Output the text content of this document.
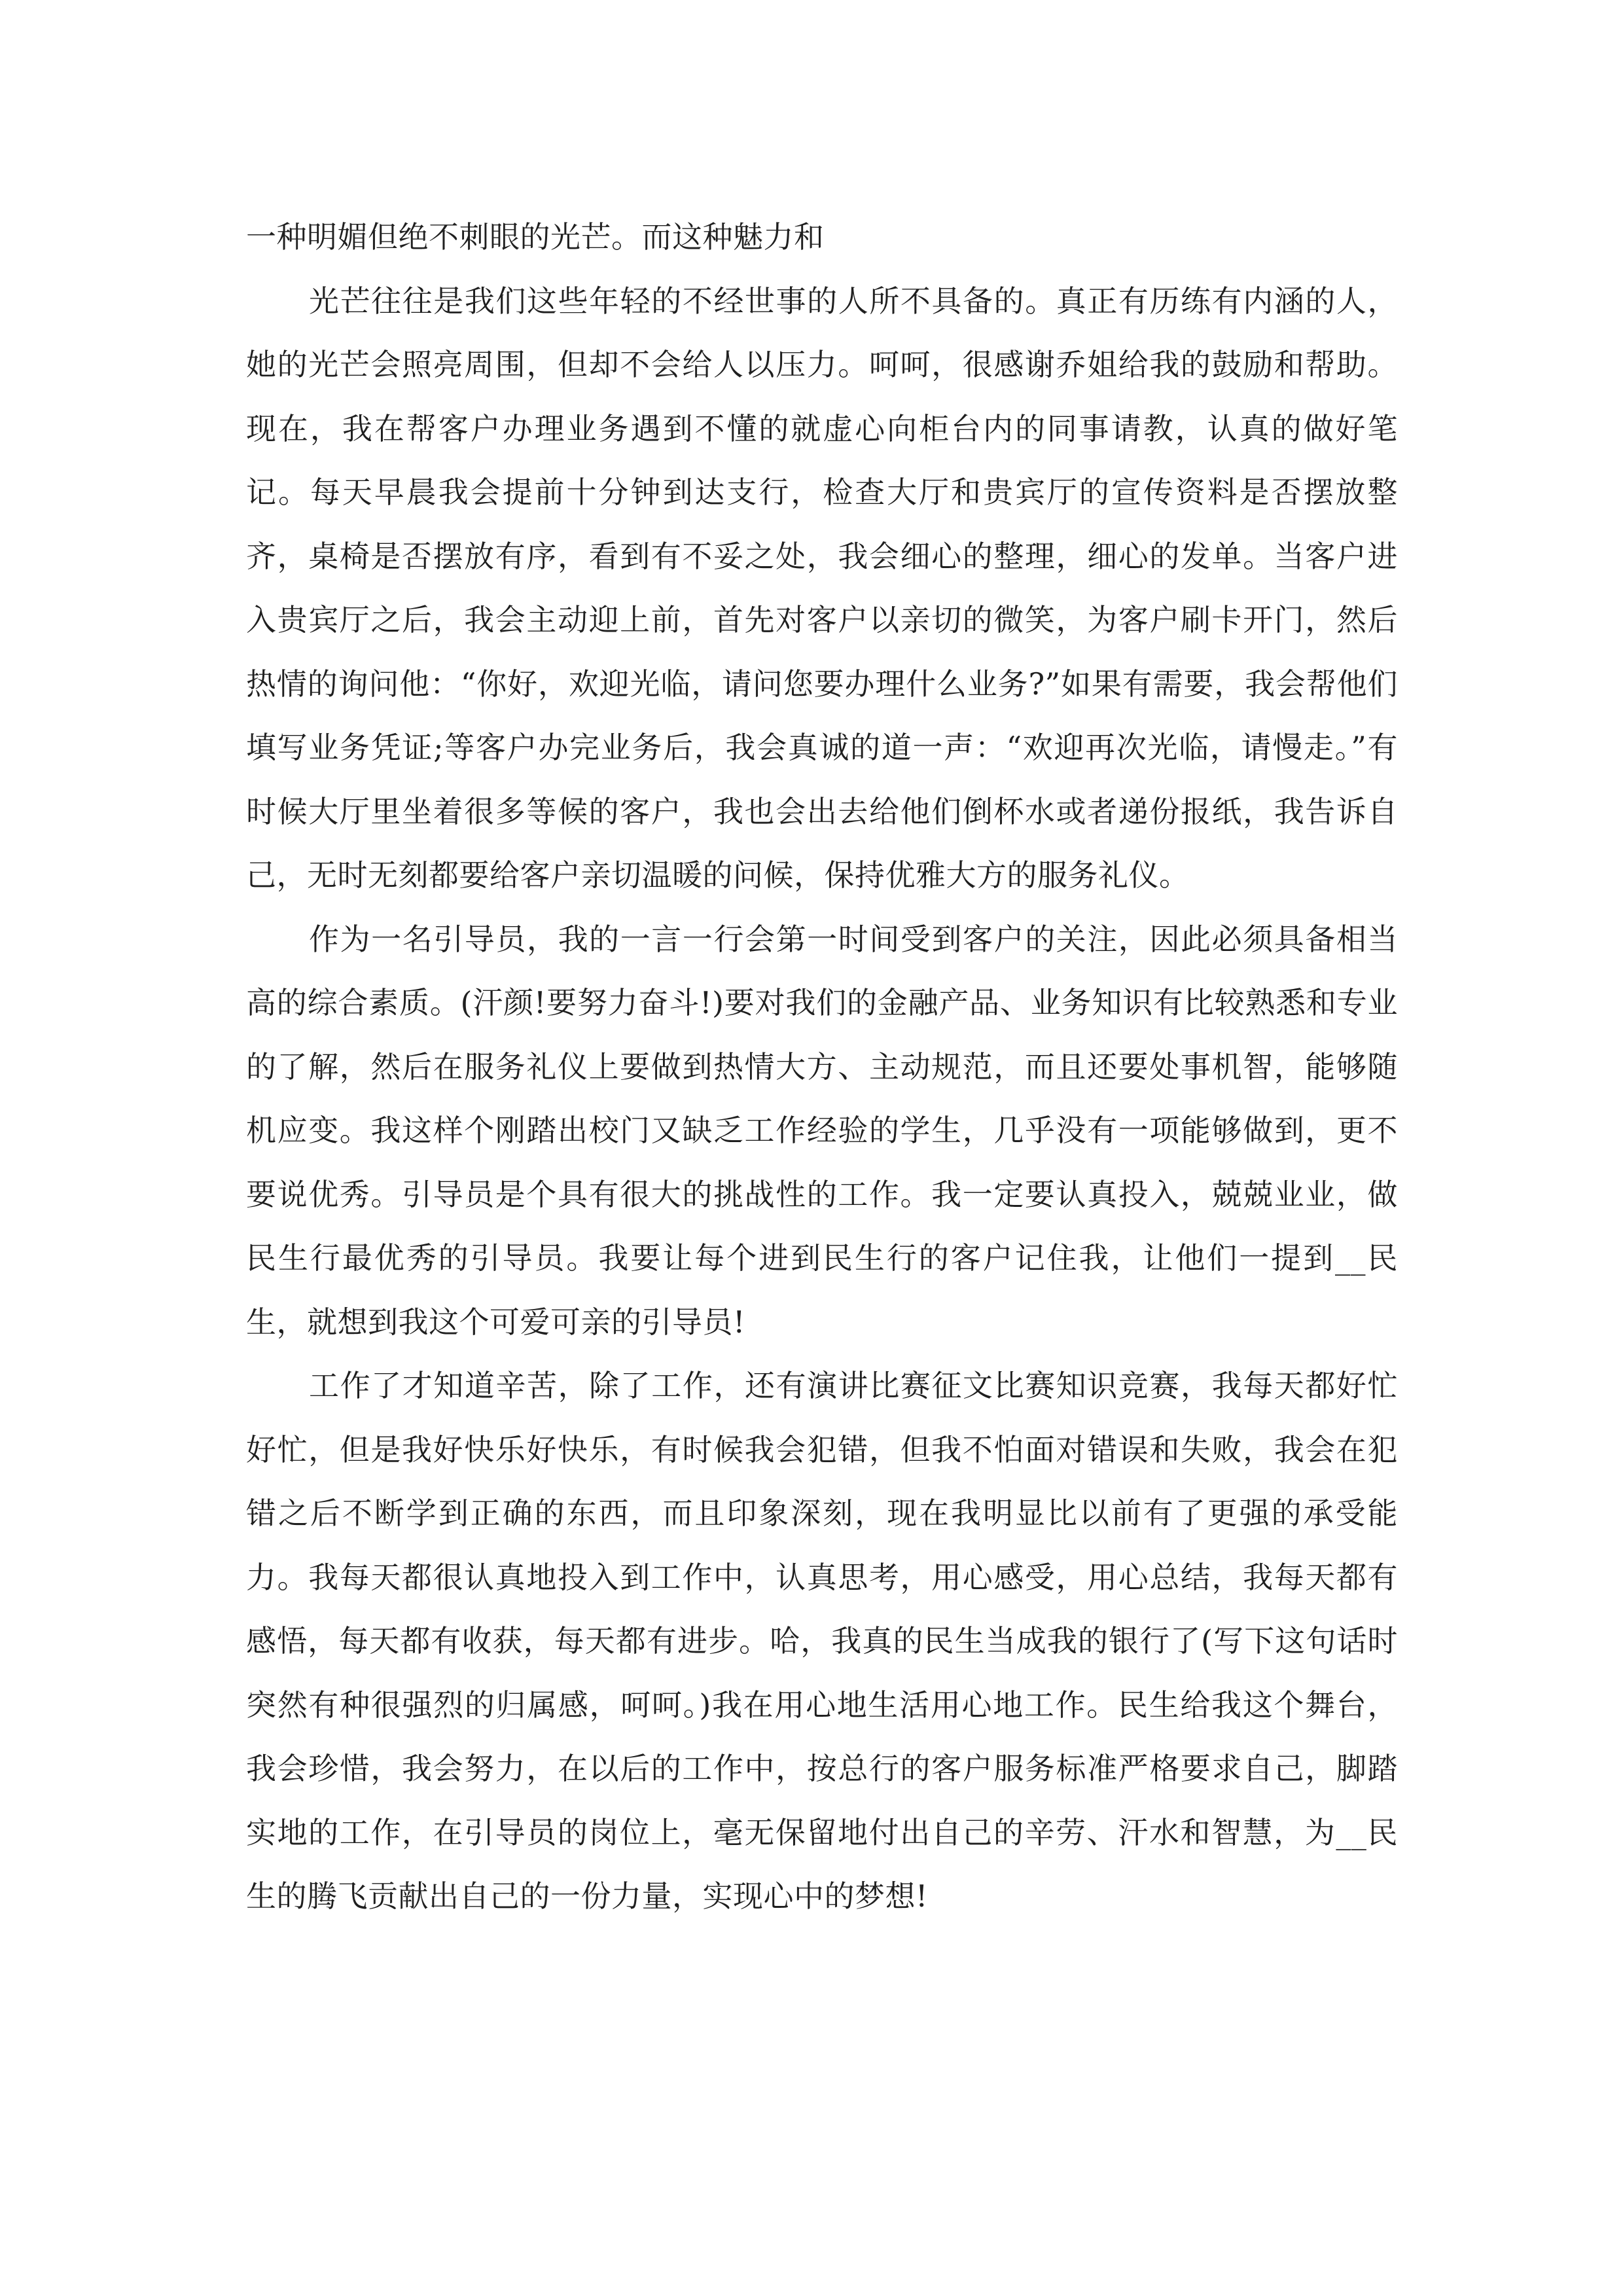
一种明媚但绝不刺眼的光芒。而这种魅力和

光芒往往是我们这些年轻的不经世事的人所不具备的。真正有历练有内涵的人，她的光芒会照亮周围，但却不会给人以压力。呵呵，很感谢乔姐给我的鼓励和帮助。现在，我在帮客户办理业务遇到不懂的就虚心向柜台内的同事请教，认真的做好笔记。每天早晨我会提前十分钟到达支行，检查大厅和贵宾厅的宣传资料是否摆放整齐，桌椅是否摆放有序，看到有不妥之处，我会细心的整理，细心的发单。当客户进入贵宾厅之后，我会主动迎上前，首先对客户以亲切的微笑，为客户刷卡开门，然后热情的询问他：“你好，欢迎光临，请问您要办理什么业务?”如果有需要，我会帮他们填写业务凭证;等客户办完业务后，我会真诚的道一声：“欢迎再次光临，请慢走。”有时候大厅里坐着很多等候的客户，我也会出去给他们倒杯水或者递份报纸，我告诉自己，无时无刻都要给客户亲切温暖的问候，保持优雅大方的服务礼仪。

作为一名引导员，我的一言一行会第一时间受到客户的关注，因此必须具备相当高的综合素质。(汗颜!要努力奋斗!)要对我们的金融产品、业务知识有比较熟悉和专业的了解，然后在服务礼仪上要做到热情大方、主动规范，而且还要处事机智，能够随机应变。我这样个刚踏出校门又缺乏工作经验的学生，几乎没有一项能够做到，更不要说优秀。引导员是个具有很大的挑战性的工作。我一定要认真投入，兢兢业业，做民生行最优秀的引导员。我要让每个进到民生行的客户记住我，让他们一提到__民生，就想到我这个可爱可亲的引导员!

工作了才知道辛苦，除了工作，还有演讲比赛征文比赛知识竞赛，我每天都好忙好忙，但是我好快乐好快乐，有时候我会犯错，但我不怕面对错误和失败，我会在犯错之后不断学到正确的东西，而且印象深刻，现在我明显比以前有了更强的承受能力。我每天都很认真地投入到工作中，认真思考，用心感受，用心总结，我每天都有感悟，每天都有收获，每天都有进步。哈，我真的民生当成我的银行了(写下这句话时突然有种很强烈的归属感，呵呵。)我在用心地生活用心地工作。民生给我这个舞台，我会珍惜，我会努力，在以后的工作中，按总行的客户服务标准严格要求自己，脚踏实地的工作，在引导员的岗位上，毫无保留地付出自己的辛劳、汗水和智慧，为__民生的腾飞贡献出自己的一份力量，实现心中的梦想!
